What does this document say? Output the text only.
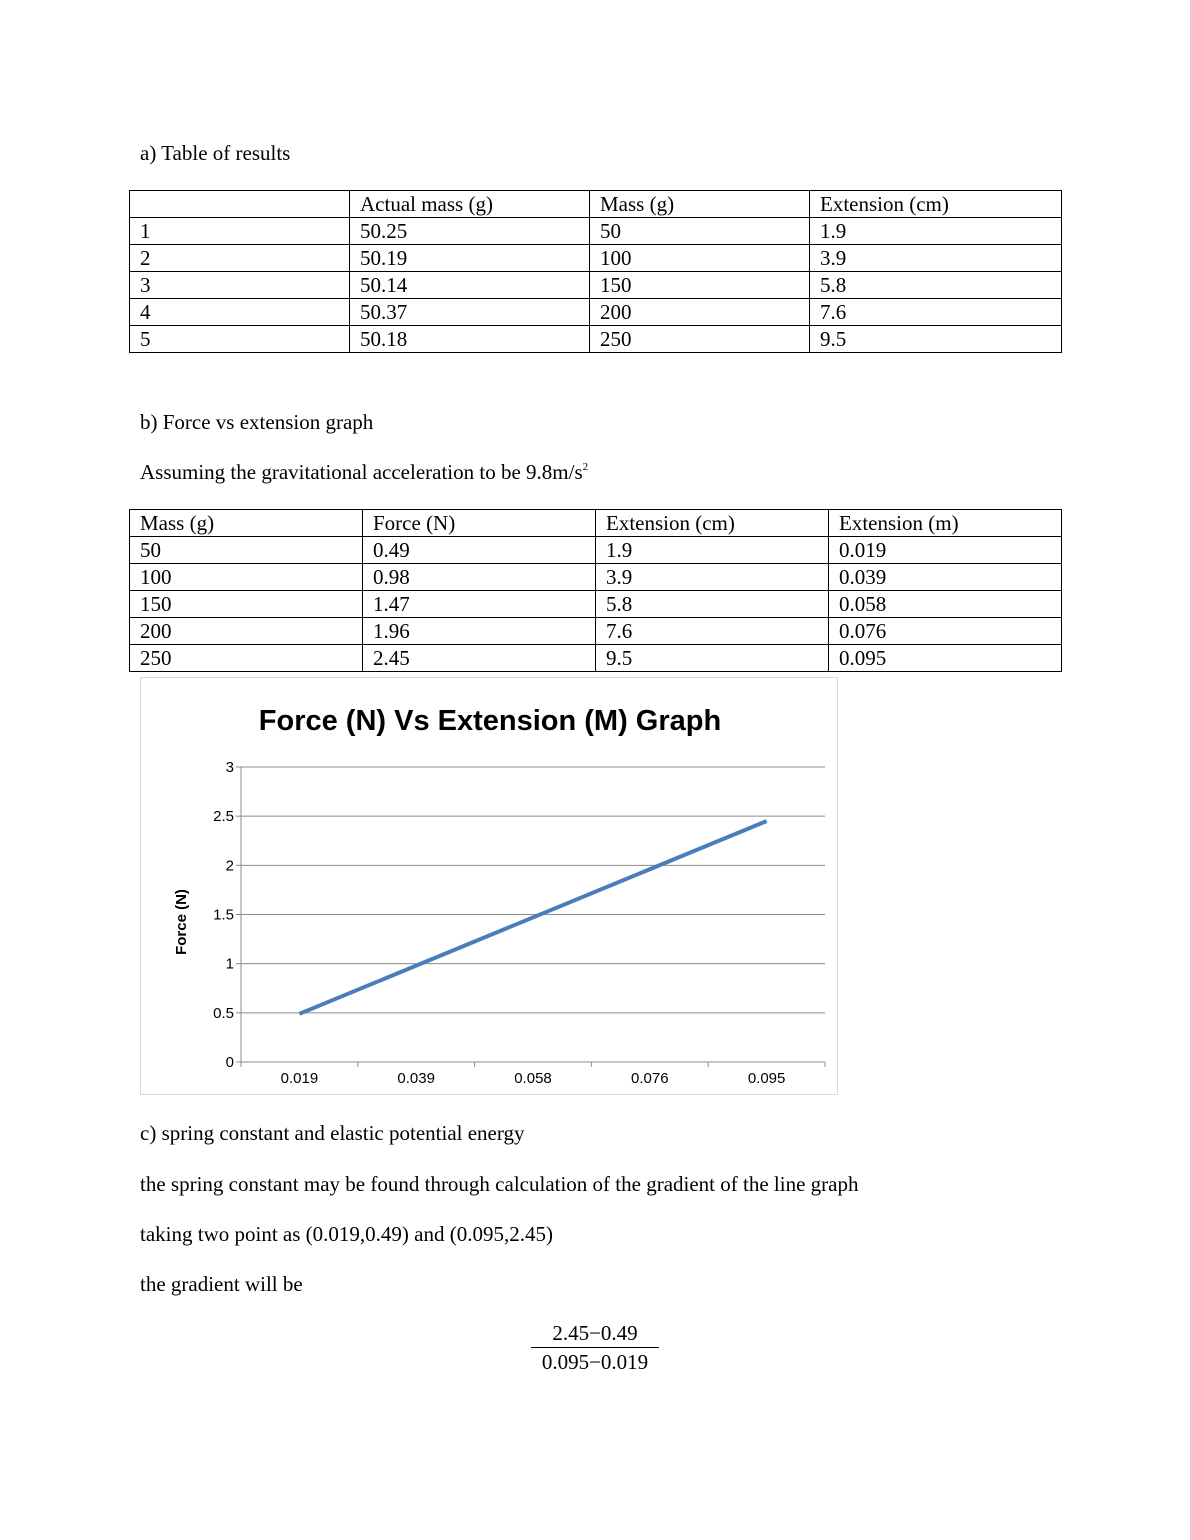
a) Table of results

	Actual mass (g)	Mass (g)	Extension (cm)
1	50.25	50	1.9
2	50.19	100	3.9
3	50.14	150	5.8
4	50.37	200	7.6
5	50.18	250	9.5

b) Force vs extension graph

Assuming the gravitational acceleration to be $9.8m/s^2$

Mass (g)	Force (N)	Extension (cm)	Extension (m)
50	0.49	1.9	0.019
100	0.98	3.9	0.039
150	1.47	5.8	0.058
200	1.96	7.6	0.076
250	2.45	9.5	0.095
0
0.5
1
1.5
2
2.5
3
0.019	0.039	0.058	0.076	0.095
Force (N) Vs Extension (M) Graph
Force (N)

c) spring constant and elastic potential energy

the spring constant may be found through calculation of the gradient of the line graph

taking two point as (0.019,0.49) and (0.095,2.45)

the gradient will be

2.45−0.49
0.095−0.019
